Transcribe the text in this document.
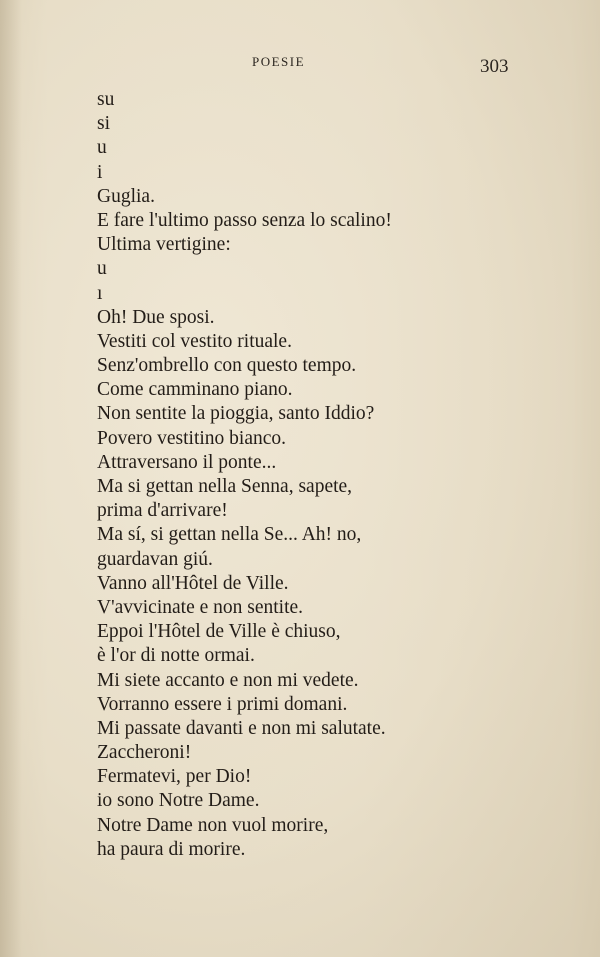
POESIE	303
su
si
u
i
Guglia.
E fare l'ultimo passo senza lo scalino!
Ultima vertigine:
u
ı
Oh! Due sposi.
Vestiti col vestito rituale.
Senz'ombrello con questo tempo.
Come camminano piano.
Non sentite la pioggia, santo Iddio?
Povero vestitino bianco.
Attraversano il ponte...
Ma si gettan nella Senna, sapete,
prima d'arrivare!
Ma sí, si gettan nella Se... Ah! no,
guardavan giú.
Vanno all'Hôtel de Ville.
V'avvicinate e non sentite.
Eppoi l'Hôtel de Ville è chiuso,
è l'or di notte ormai.
Mi siete accanto e non mi vedete.
Vorranno essere i primi domani.
Mi passate davanti e non mi salutate.
Zaccheroni!
Fermatevi, per Dio!
io sono Notre Dame.
Notre Dame non vuol morire,
ha paura di morire.
